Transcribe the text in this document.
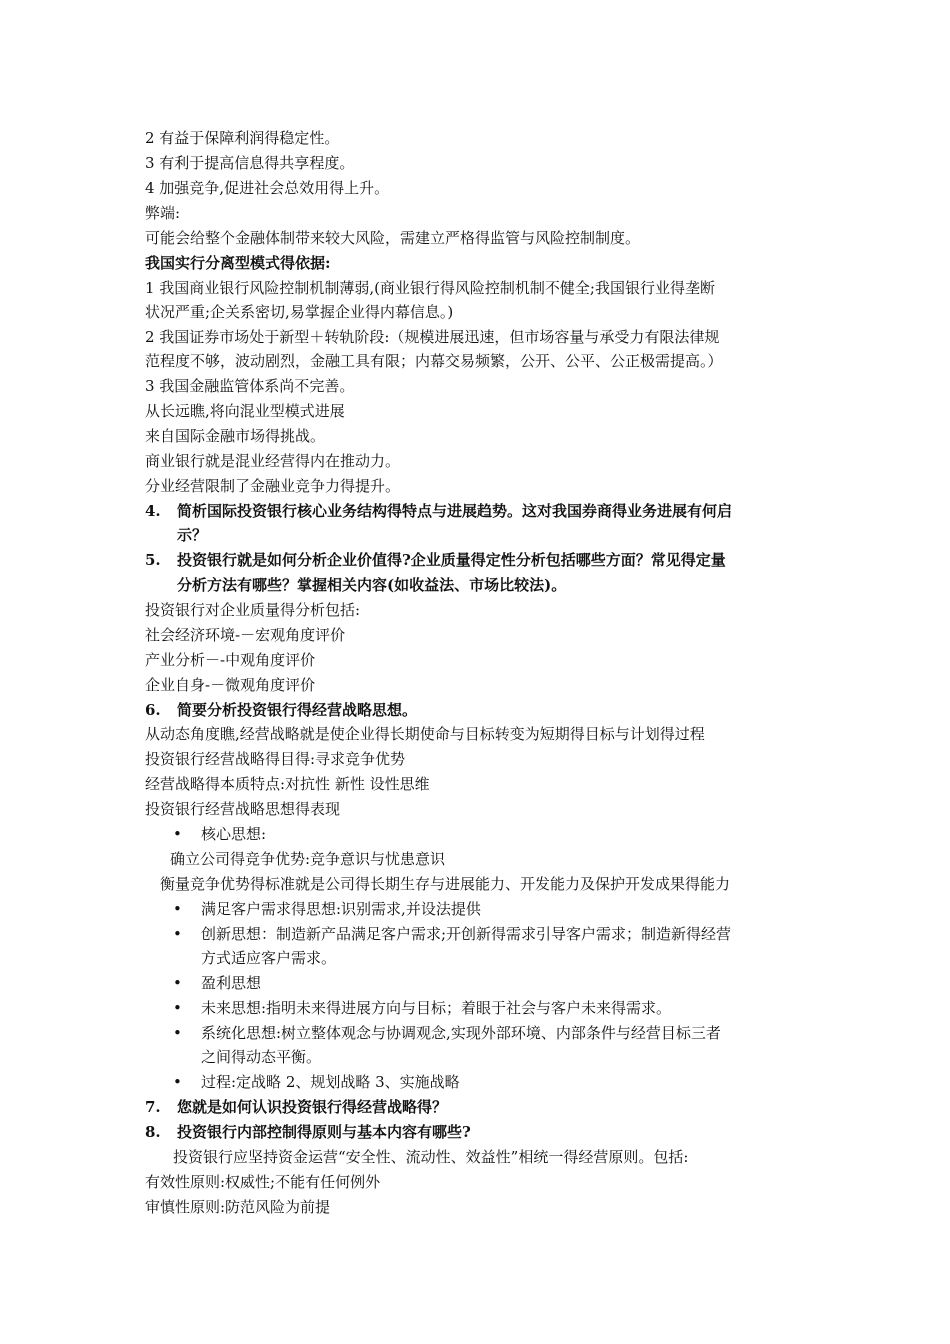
2 有益于保障利润得稳定性。
3 有利于提高信息得共享程度。
4 加强竞争,促进社会总效用得上升。
弊端:
可能会给整个金融体制带来较大风险，需建立严格得监管与风险控制制度。
我国实行分离型模式得依据:
1 我国商业银行风险控制机制薄弱,(商业银行得风险控制机制不健全;我国银行业得垄断
状况严重;企关系密切,易掌握企业得内幕信息。)
2 我国证券市场处于新型＋转轨阶段:（规模进展迅速，但市场容量与承受力有限法律规
范程度不够，波动剧烈，金融工具有限；内幕交易频繁，公开、公平、公正极需提高。）
3 我国金融监管体系尚不完善。
从长远瞧,将向混业型模式进展
来自国际金融市场得挑战。
商业银行就是混业经营得内在推动力。
分业经营限制了金融业竞争力得提升。
4. 简析国际投资银行核心业务结构得特点与进展趋势。这对我国券商得业务进展有何启
示？
5. 投资银行就是如何分析企业价值得?企业质量得定性分析包括哪些方面？常见得定量
分析方法有哪些？掌握相关内容(如收益法、市场比较法)。
投资银行对企业质量得分析包括:
社会经济环境-－宏观角度评价
产业分析－-中观角度评价
企业自身-－微观角度评价
6. 简要分析投资银行得经营战略思想。
从动态角度瞧,经营战略就是使企业得长期使命与目标转变为短期得目标与计划得过程
投资银行经营战略得目得:寻求竞争优势
经营战略得本质特点:对抗性 新性 设性思维
投资银行经营战略思想得表现
• 核心思想:
确立公司得竞争优势:竞争意识与忧患意识
衡量竞争优势得标准就是公司得长期生存与进展能力、开发能力及保护开发成果得能力
• 满足客户需求得思想:识别需求,并设法提供
• 创新思想：制造新产品满足客户需求;开创新得需求引导客户需求；制造新得经营
方式适应客户需求。
• 盈利思想
• 未来思想:指明未来得进展方向与目标；着眼于社会与客户未来得需求。
• 系统化思想:树立整体观念与协调观念,实现外部环境、内部条件与经营目标三者
之间得动态平衡。
• 过程:定战略 2、规划战略 3、实施战略
7. 您就是如何认识投资银行得经营战略得？
8. 投资银行内部控制得原则与基本内容有哪些?
投资银行应坚持资金运营“安全性、流动性、效益性”相统一得经营原则。包括:
有效性原则:权威性;不能有任何例外
审慎性原则:防范风险为前提
